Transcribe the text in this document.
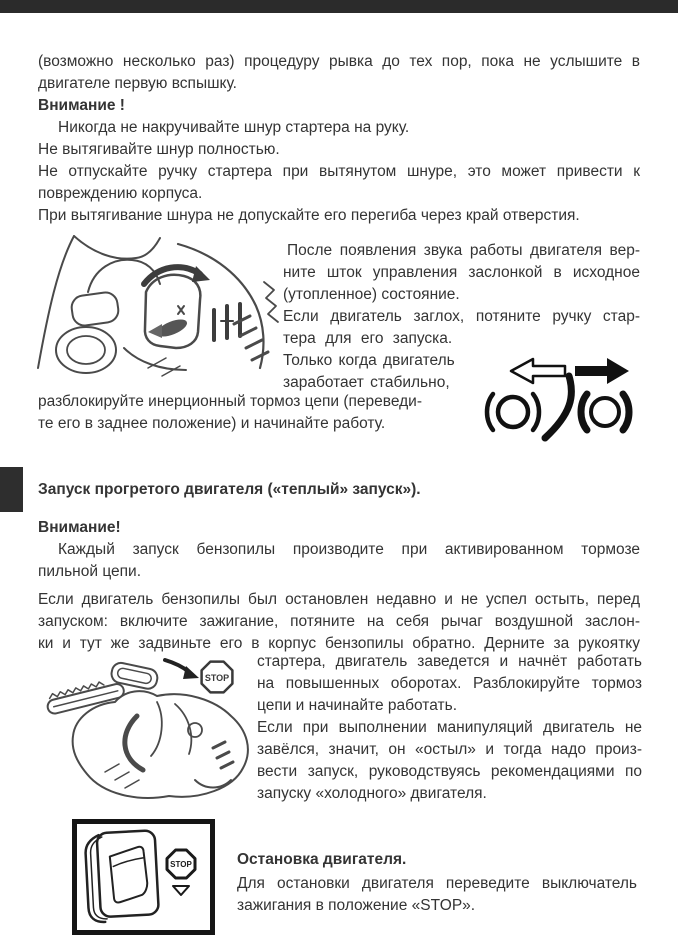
(возможно несколько раз) процедуру рывка до тех пор, пока не услышите в
двигателе первую вспышку.
Внимание !
Никогда не накручивайте шнур стартера на руку.
Не вытягивайте шнур полностью.
Не отпускайте ручку стартера при вытянутом шнуре, это может привести к
повреждению корпуса.
При вытягивание шнура не допускайте его перегиба через край отверстия.
После появления звука работы двигателя вер-
ните шток управления заслонкой в исходное
(утопленное) состояние.
Если двигатель заглох, потяните ручку стар-
тера для его запуска.
Только когда двигатель
заработает стабильно,
разблокируйте инерционный тормоз цепи (переведи-
те его в заднее положение) и начинайте работу.
Запуск прогретого двигателя («теплый» запуск»).
Внимание!
Каждый запуск бензопилы производите при активированном тормозе
пильной цепи.
Если двигатель бензопилы был остановлен недавно и не успел остыть, перед
запуском: включите зажигание, потяните на себя рычаг воздушной заслон-
ки и тут же задвиньте его в корпус бензопилы обратно. Дерните за рукоятку
STOP
стартера, двигатель заведется и начнёт работать
на повышенных оборотах. Разблокируйте тормоз
цепи и начинайте работать.
Если при выполнении манипуляций двигатель не
завёлся, значит, он «остыл» и тогда надо произ-
вести запуск, руководствуясь рекомендациями по
запуску «холодного» двигателя.
STOP	Остановка двигателя.
Для остановки двигателя переведите выключатель
зажигания в положение «STOP».
